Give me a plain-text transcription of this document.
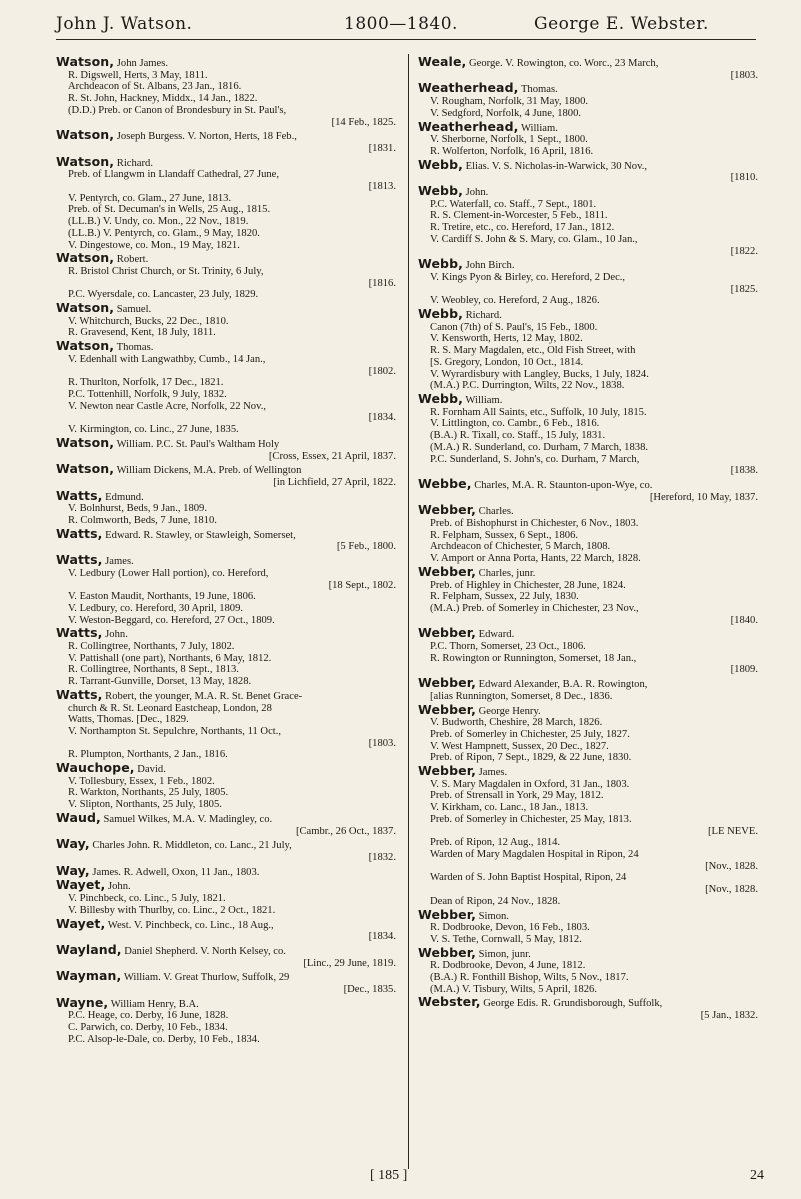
John J. Watson.	1800—1840.	George E. Webster.
Watson, John James.
R. Digswell, Herts, 3 May, 1811.
Archdeacon of St. Albans, 23 Jan., 1816.
R. St. John, Hackney, Middx., 14 Jan., 1822.
(D.D.) Preb. or Canon of Brondesbury in St. Paul's,
[14 Feb., 1825.
Watson, Joseph Burgess. V. Norton, Herts, 18 Feb.,
[1831.
Watson, Richard.
Preb. of Llangwm in Llandaff Cathedral, 27 June,
[1813.
V. Pentyrch, co. Glam., 27 June, 1813.
Preb. of St. Decuman's in Wells, 25 Aug., 1815.
(LL.B.) V. Undy, co. Mon., 22 Nov., 1819.
(LL.B.) V. Pentyrch, co. Glam., 9 May, 1820.
V. Dingestowe, co. Mon., 19 May, 1821.
Watson, Robert.
R. Bristol Christ Church, or St. Trinity, 6 July,
[1816.
P.C. Wyersdale, co. Lancaster, 23 July, 1829.
Watson, Samuel.
V. Whitchurch, Bucks, 22 Dec., 1810.
R. Gravesend, Kent, 18 July, 1811.
Watson, Thomas.
V. Edenhall with Langwathby, Cumb., 14 Jan.,
[1802.
R. Thurlton, Norfolk, 17 Dec., 1821.
P.C. Tottenhill, Norfolk, 9 July, 1832.
V. Newton near Castle Acre, Norfolk, 22 Nov.,
[1834.
V. Kirmington, co. Linc., 27 June, 1835.
Watson, William. P.C. St. Paul's Waltham Holy
[Cross, Essex, 21 April, 1837.
Watson, William Dickens, M.A. Preb. of Wellington
[in Lichfield, 27 April, 1822.
Watts, Edmund.
V. Bolnhurst, Beds, 9 Jan., 1809.
R. Colmworth, Beds, 7 June, 1810.
Watts, Edward. R. Stawley, or Stawleigh, Somerset,
[5 Feb., 1800.
Watts, James.
V. Ledbury (Lower Hall portion), co. Hereford,
[18 Sept., 1802.
V. Easton Maudit, Northants, 19 June, 1806.
V. Ledbury, co. Hereford, 30 April, 1809.
V. Weston-Beggard, co. Hereford, 27 Oct., 1809.
Watts, John.
R. Collingtree, Northants, 7 July, 1802.
V. Pattishall (one part), Northants, 6 May, 1812.
R. Collingtree, Northants, 8 Sept., 1813.
R. Tarrant-Gunville, Dorset, 13 May, 1828.
Watts, Robert, the younger, M.A. R. St. Benet Grace-
church & R. St. Leonard Eastcheap, London, 28
Watts, Thomas. [Dec., 1829.
V. Northampton St. Sepulchre, Northants, 11 Oct.,
[1803.
R. Plumpton, Northants, 2 Jan., 1816.
Wauchope, David.
V. Tollesbury, Essex, 1 Feb., 1802.
R. Warkton, Northants, 25 July, 1805.
V. Slipton, Northants, 25 July, 1805.
Waud, Samuel Wilkes, M.A. V. Madingley, co.
[Cambr., 26 Oct., 1837.
Way, Charles John. R. Middleton, co. Lanc., 21 July,
[1832.
Way, James. R. Adwell, Oxon, 11 Jan., 1803.
Wayet, John.
V. Pinchbeck, co. Linc., 5 July, 1821.
V. Billesby with Thurlby, co. Linc., 2 Oct., 1821.
Wayet, West. V. Pinchbeck, co. Linc., 18 Aug.,
[1834.
Wayland, Daniel Shepherd. V. North Kelsey, co.
[Linc., 29 June, 1819.
Wayman, William. V. Great Thurlow, Suffolk, 29
[Dec., 1835.
Wayne, William Henry, B.A.
P.C. Heage, co. Derby, 16 June, 1828.
C. Parwich, co. Derby, 10 Feb., 1834.
P.C. Alsop-le-Dale, co. Derby, 10 Feb., 1834.
Weale, George. V. Rowington, co. Worc., 23 March,
[1803.
Weatherhead, Thomas.
V. Rougham, Norfolk, 31 May, 1800.
V. Sedgford, Norfolk, 4 June, 1800.
Weatherhead, William.
V. Sherborne, Norfolk, 1 Sept., 1800.
R. Wolferton, Norfolk, 16 April, 1816.
Webb, Elias. V. S. Nicholas-in-Warwick, 30 Nov.,
[1810.
Webb, John.
P.C. Waterfall, co. Staff., 7 Sept., 1801.
R. S. Clement-in-Worcester, 5 Feb., 1811.
R. Tretire, etc., co. Hereford, 17 Jan., 1812.
V. Cardiff S. John & S. Mary, co. Glam., 10 Jan.,
[1822.
Webb, John Birch.
V. Kings Pyon & Birley, co. Hereford, 2 Dec.,
[1825.
V. Weobley, co. Hereford, 2 Aug., 1826.
Webb, Richard.
Canon (7th) of S. Paul's, 15 Feb., 1800.
V. Kensworth, Herts, 12 May, 1802.
R. S. Mary Magdalen, etc., Old Fish Street, with
[S. Gregory, London, 10 Oct., 1814.
V. Wyrardisbury with Langley, Bucks, 1 July, 1824.
(M.A.) P.C. Durrington, Wilts, 22 Nov., 1838.
Webb, William.
R. Fornham All Saints, etc., Suffolk, 10 July, 1815.
V. Littlington, co. Cambr., 6 Feb., 1816.
(B.A.) R. Tixall, co. Staff., 15 July, 1831.
(M.A.) R. Sunderland, co. Durham, 7 March, 1838.
P.C. Sunderland, S. John's, co. Durham, 7 March,
[1838.
Webbe, Charles, M.A. R. Staunton-upon-Wye, co.
[Hereford, 10 May, 1837.
Webber, Charles.
Preb. of Bishophurst in Chichester, 6 Nov., 1803.
R. Felpham, Sussex, 6 Sept., 1806.
Archdeacon of Chichester, 5 March, 1808.
V. Amport or Anna Porta, Hants, 22 March, 1828.
Webber, Charles, junr.
Preb. of Highley in Chichester, 28 June, 1824.
R. Felpham, Sussex, 22 July, 1830.
(M.A.) Preb. of Somerley in Chichester, 23 Nov.,
[1840.
Webber, Edward.
P.C. Thorn, Somerset, 23 Oct., 1806.
R. Rowington or Runnington, Somerset, 18 Jan.,
[1809.
Webber, Edward Alexander, B.A. R. Rowington,
[alias Runnington, Somerset, 8 Dec., 1836.
Webber, George Henry.
V. Budworth, Cheshire, 28 March, 1826.
Preb. of Somerley in Chichester, 25 July, 1827.
V. West Hampnett, Sussex, 20 Dec., 1827.
Preb. of Ripon, 7 Sept., 1829, & 22 June, 1830.
Webber, James.
V. S. Mary Magdalen in Oxford, 31 Jan., 1803.
Preb. of Strensall in York, 29 May, 1812.
V. Kirkham, co. Lanc., 18 Jan., 1813.
Preb. of Somerley in Chichester, 25 May, 1813.
[LE NEVE.
Preb. of Ripon, 12 Aug., 1814.
Warden of Mary Magdalen Hospital in Ripon, 24
[Nov., 1828.
Warden of S. John Baptist Hospital, Ripon, 24
[Nov., 1828.
Dean of Ripon, 24 Nov., 1828.
Webber, Simon.
R. Dodbrooke, Devon, 16 Feb., 1803.
V. S. Tethe, Cornwall, 5 May, 1812.
Webber, Simon, junr.
R. Dodbrooke, Devon, 4 June, 1812.
(B.A.) R. Fonthill Bishop, Wilts, 5 Nov., 1817.
(M.A.) V. Tisbury, Wilts, 5 April, 1826.
Webster, George Edis. R. Grundisborough, Suffolk,
[5 Jan., 1832.
[ 185 ]	24
